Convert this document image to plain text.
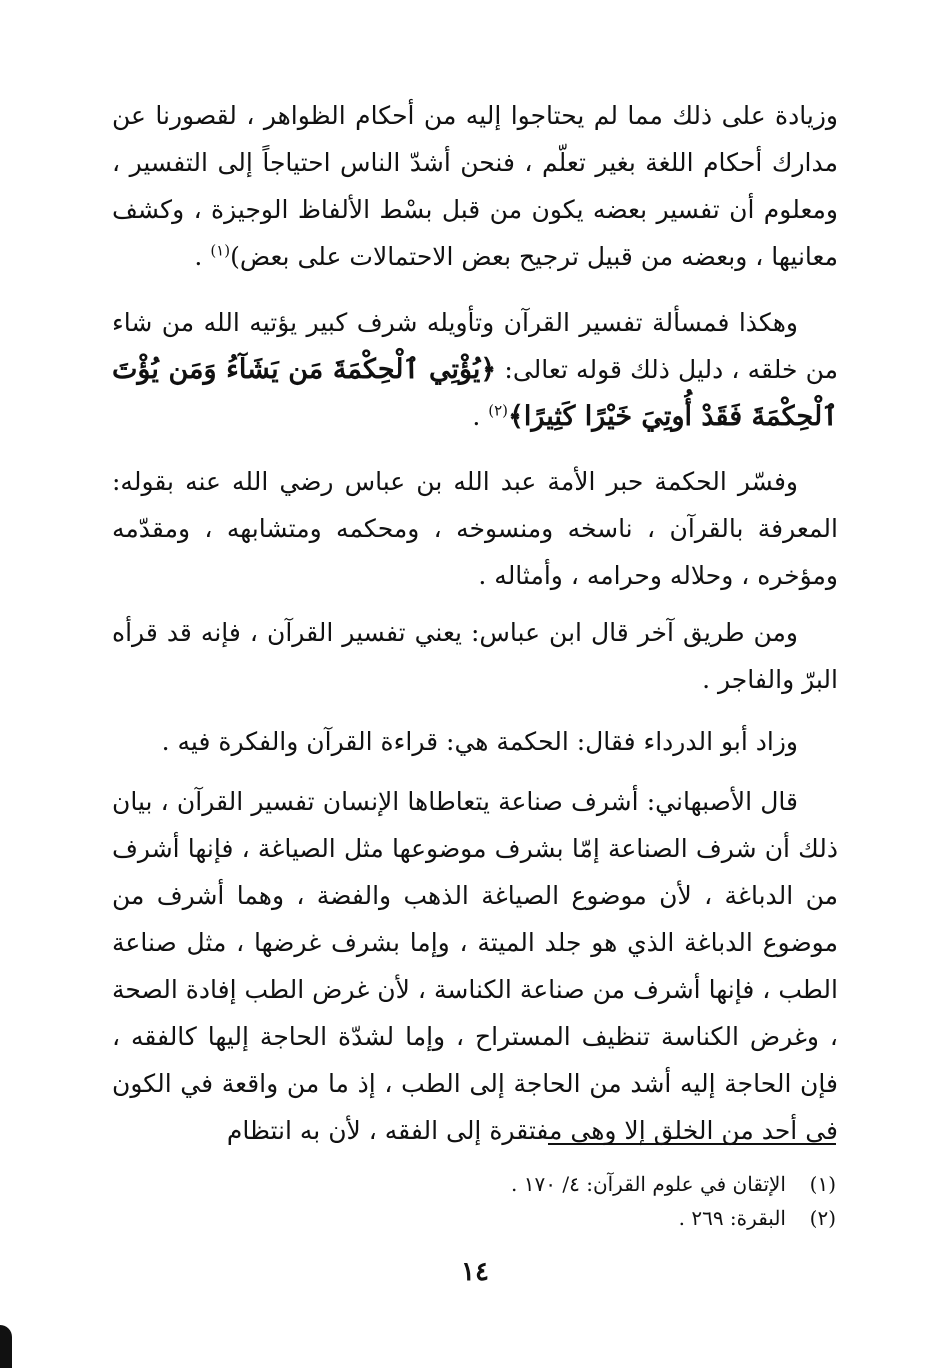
وزيادة على ذلك مما لم يحتاجوا إليه من أحكام الظواهر ، لقصورنا عن مدارك أحكام اللغة بغير تعلّم ، فنحن أشدّ الناس احتياجاً إلى التفسير ، ومعلوم أن تفسير بعضه يكون من قبل بسْط الألفاظ الوجيزة ، وكشف معانيها ، وبعضه من قبيل ترجيح بعض الاحتمالات على بعض)$^{(١)}$ .

وهكذا فمسألة تفسير القرآن وتأويله شرف كبير يؤتيه الله من شاء من خلقه ، دليل ذلك قوله تعالى: ﴿يُؤْتِي ٱلْحِكْمَةَ مَن يَشَآءُ وَمَن يُؤْتَ ٱلْحِكْمَةَ فَقَدْ أُوتِيَ خَيْرًا كَثِيرًا﴾$^{(٢)}$ .

وفسّر الحكمة حبر الأمة عبد الله بن عباس رضي الله عنه بقوله: المعرفة بالقرآن ، ناسخه ومنسوخه ، ومحكمه ومتشابهه ، ومقدّمه ومؤخره ، وحلاله وحرامه ، وأمثاله .

ومن طريق آخر قال ابن عباس: يعني تفسير القرآن ، فإنه قد قرأه البرّ والفاجر .

وزاد أبو الدرداء فقال: الحكمة هي: قراءة القرآن والفكرة فيه .

قال الأصبهاني: أشرف صناعة يتعاطاها الإنسان تفسير القرآن ، بيان ذلك أن شرف الصناعة إمّا بشرف موضوعها مثل الصياغة ، فإنها أشرف من الدباغة ، لأن موضوع الصياغة الذهب والفضة ، وهما أشرف من موضوع الدباغة الذي هو جلد الميتة ، وإما بشرف غرضها ، مثل صناعة الطب ، فإنها أشرف من صناعة الكناسة ، لأن غرض الطب إفادة الصحة ، وغرض الكناسة تنظيف المستراح ، وإما لشدّة الحاجة إليها كالفقه ، فإن الحاجة إليه أشد من الحاجة إلى الطب ، إذ ما من واقعة في الكون في أحد من الخلق إلا وهي مفتقرة إلى الفقه ، لأن به انتظام

(١)الإتقان في علوم القرآن: ٤/ ١٧٠ .
(٢)البقرة: ٢٦٩ .
١٤
